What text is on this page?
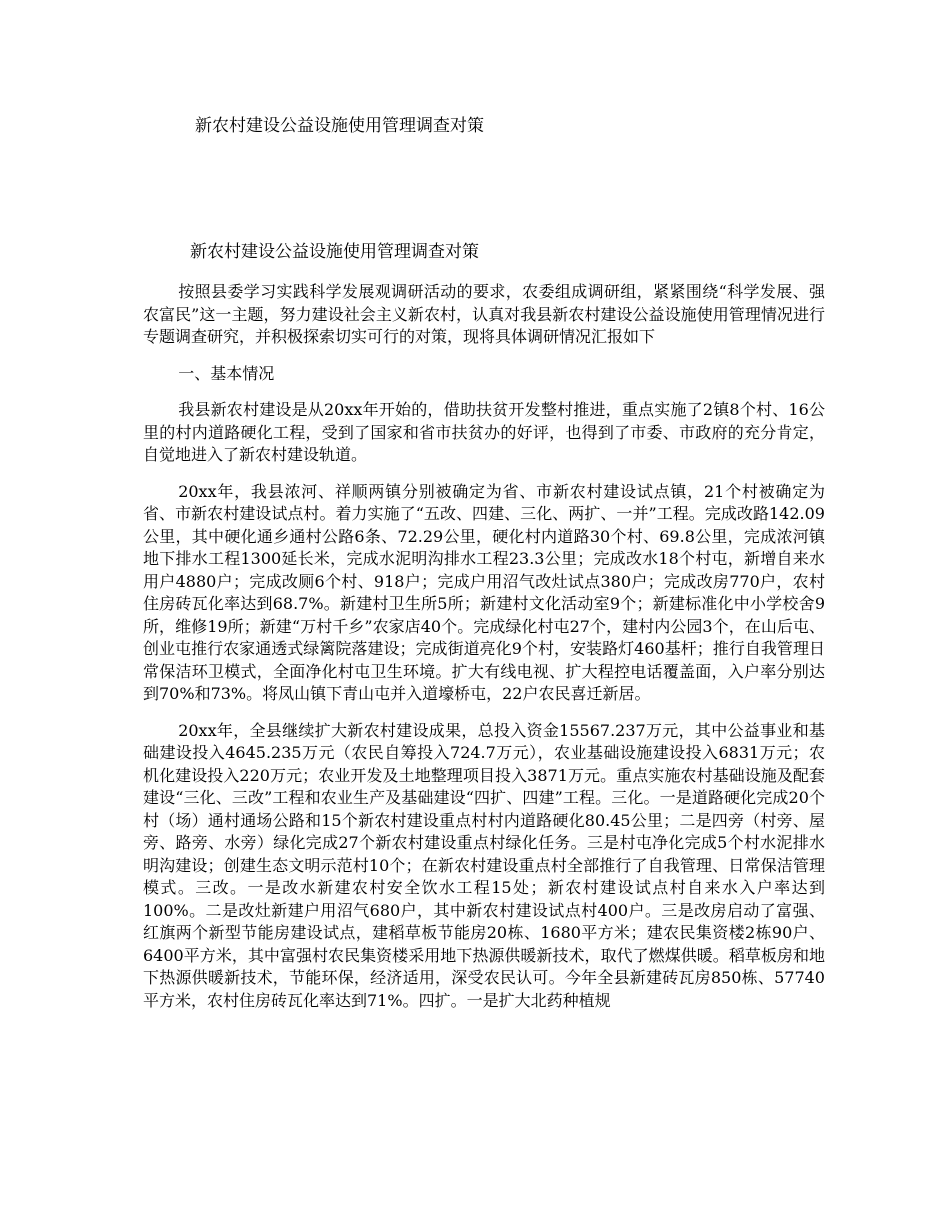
新农村建设公益设施使用管理调查对策
新农村建设公益设施使用管理调查对策

按照县委学习实践科学发展观调研活动的要求，农委组成调研组，紧紧围绕“科学发展、强农富民”这一主题，努力建设社会主义新农村，认真对我县新农村建设公益设施使用管理情况进行专题调查研究，并积极探索切实可行的对策，现将具体调研情况汇报如下

一、基本情况

我县新农村建设是从20xx年开始的，借助扶贫开发整村推进，重点实施了2镇8个村、16公里的村内道路硬化工程，受到了国家和省市扶贫办的好评，也得到了市委、市政府的充分肯定，自觉地进入了新农村建设轨道。

20xx年，我县浓河、祥顺两镇分别被确定为省、市新农村建设试点镇，21个村被确定为省、市新农村建设试点村。着力实施了“五改、四建、三化、两扩、一并”工程。完成改路142.09公里，其中硬化通乡通村公路6条、72.29公里，硬化村内道路30个村、69.8公里，完成浓河镇地下排水工程1300延长米，完成水泥明沟排水工程23.3公里；完成改水18个村屯，新增自来水用户4880户；完成改厕6个村、918户；完成户用沼气改灶试点380户；完成改房770户，农村住房砖瓦化率达到68.7%。新建村卫生所5所；新建村文化活动室9个；新建标准化中小学校舍9所，维修19所；新建“万村千乡”农家店40个。完成绿化村屯27个，建村内公园3个，在山后屯、创业屯推行农家通透式绿篱院落建设；完成街道亮化9个村，安装路灯460基杆；推行自我管理日常保洁环卫模式，全面净化村屯卫生环境。扩大有线电视、扩大程控电话覆盖面，入户率分别达到70%和73%。将凤山镇下青山屯并入道壕桥屯，22户农民喜迁新居。

20xx年，全县继续扩大新农村建设成果，总投入资金15567.237万元，其中公益事业和基础建设投入4645.235万元（农民自筹投入724.7万元），农业基础设施建设投入6831万元；农机化建设投入220万元；农业开发及土地整理项目投入3871万元。重点实施农村基础设施及配套建设“三化、三改”工程和农业生产及基础建设“四扩、四建”工程。三化。一是道路硬化完成20个村（场）通村通场公路和15个新农村建设重点村村内道路硬化80.45公里；二是四旁（村旁、屋旁、路旁、水旁）绿化完成27个新农村建设重点村绿化任务。三是村屯净化完成5个村水泥排水明沟建设；创建生态文明示范村10个；在新农村建设重点村全部推行了自我管理、日常保洁管理模式。三改。一是改水新建农村安全饮水工程15处；新农村建设试点村自来水入户率达到100%。二是改灶新建户用沼气680户，其中新农村建设试点村400户。三是改房启动了富强、红旗两个新型节能房建设试点，建稻草板节能房20栋、1680平方米；建农民集资楼2栋90户、6400平方米，其中富强村农民集资楼采用地下热源供暖新技术，取代了燃煤供暖。稻草板房和地下热源供暖新技术，节能环保，经济适用，深受农民认可。今年全县新建砖瓦房850栋、57740平方米，农村住房砖瓦化率达到71%。四扩。一是扩大北药种植规
